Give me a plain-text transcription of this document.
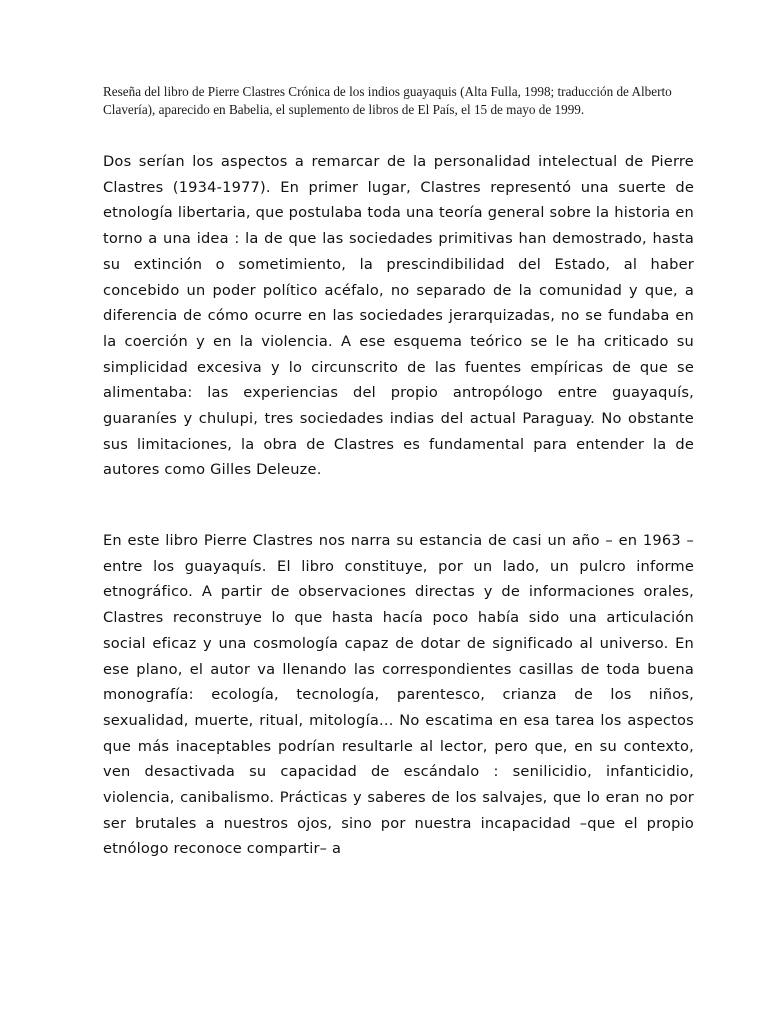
Reseña del libro de Pierre Clastres Crónica de los indios guayaquis (Alta Fulla, 1998; traducción de Alberto Clavería), aparecido en Babelia, el suplemento de libros de El País, el 15 de mayo de 1999.

Dos serían los aspectos a remarcar de la personalidad intelectual de Pierre Clastres (1934-1977). En primer lugar, Clastres representó una suerte de etnología libertaria, que postulaba toda una teoría general sobre la historia en torno a una idea : la de que las sociedades primitivas han demostrado, hasta su extinción o sometimiento, la prescindibilidad del Estado, al haber concebido un poder político acéfalo, no separado de la comunidad y que, a diferencia de cómo ocurre en las sociedades jerarquizadas, no se fundaba en la coerción y en la violencia. A ese esquema teórico se le ha criticado su simplicidad excesiva y lo circunscrito de las fuentes empíricas de que se alimentaba: las experiencias del propio antropólogo entre guayaquís, guaraníes y chulupi, tres sociedades indias del actual Paraguay. No obstante sus limitaciones, la obra de Clastres es fundamental para entender la de autores como Gilles Deleuze.

En este libro Pierre Clastres nos narra su estancia de casi un año – en 1963 – entre los guayaquís. El libro constituye, por un lado, un pulcro informe etnográfico. A partir de observaciones directas y de informaciones orales, Clastres reconstruye lo que hasta hacía poco había sido una articulación social eficaz y una cosmología capaz de dotar de significado al universo. En ese plano, el autor va llenando las correspondientes casillas de toda buena monografía: ecología, tecnología, parentesco, crianza de los niños, sexualidad, muerte, ritual, mitología... No escatima en esa tarea los aspectos que más inaceptables podrían resultarle al lector, pero que, en su contexto, ven desactivada su capacidad de escándalo : senilicidio, infanticidio, violencia, canibalismo. Prácticas y saberes de los salvajes, que lo eran no por ser brutales a nuestros ojos, sino por nuestra incapacidad –que el propio etnólogo reconoce compartir– a
